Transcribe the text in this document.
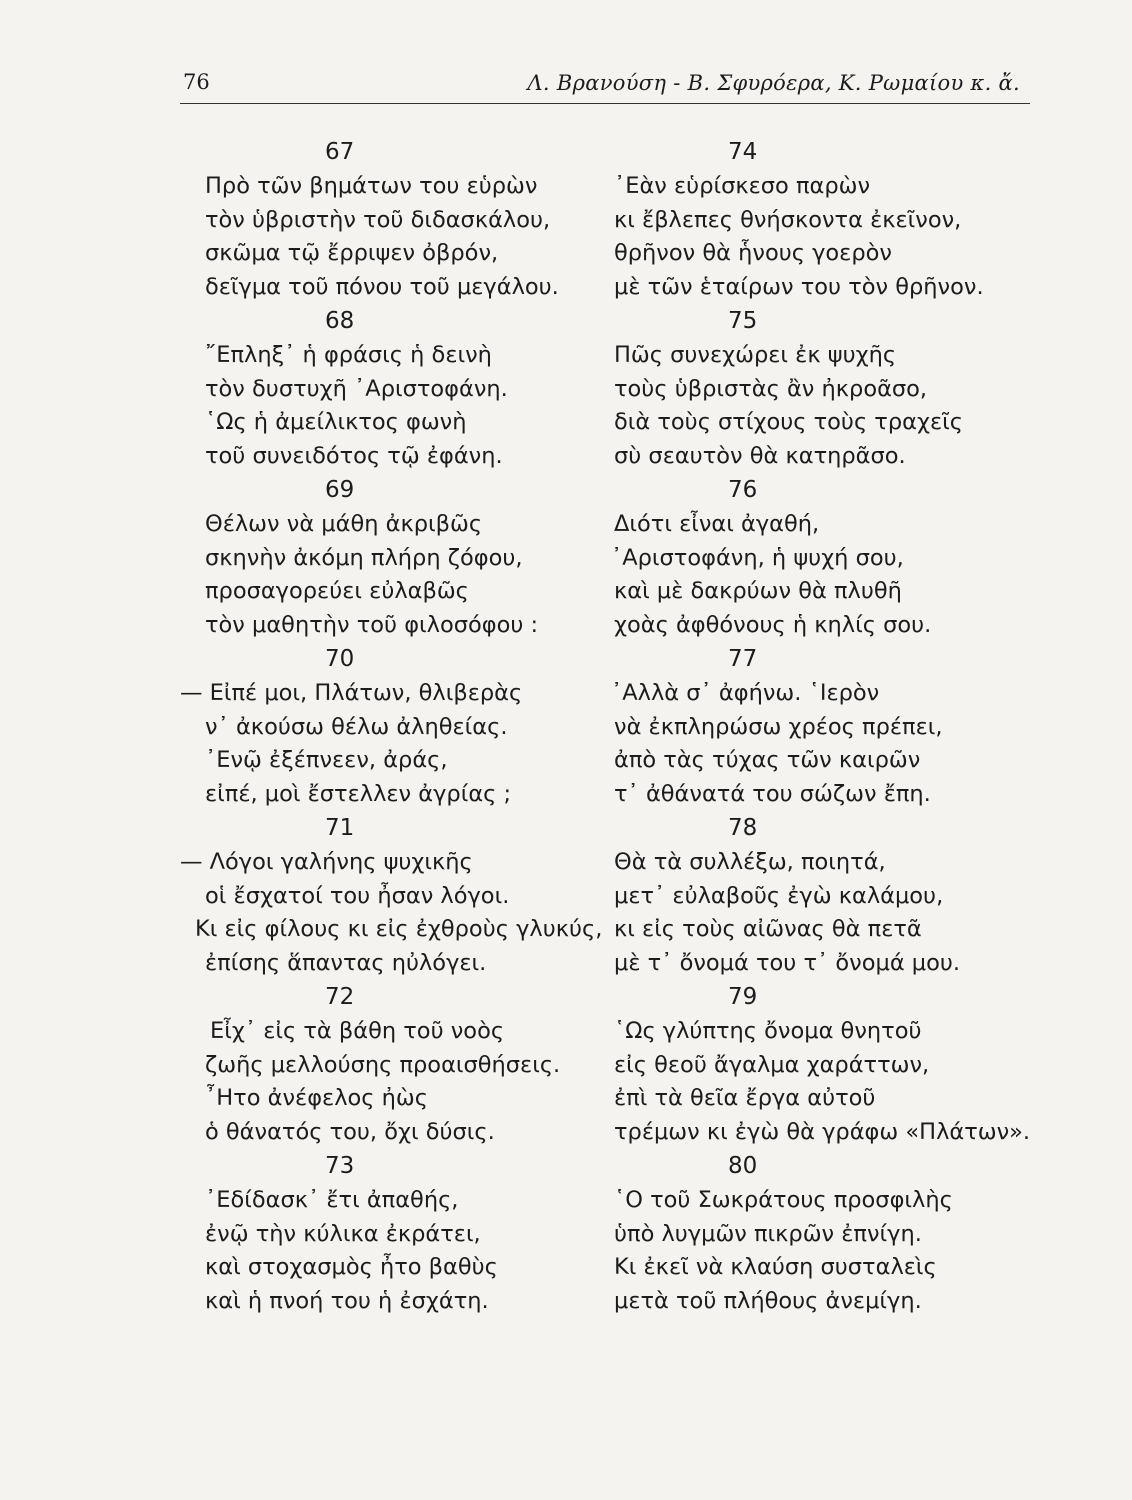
76	Λ. Βρανούση - Β. Σφυρόερα, Κ. Ρωμαίου κ. ἄ.
67
Πρὸ τῶν βημάτων του εὑρὼν
τὸν ὑβριστὴν τοῦ διδασκάλου,
σκῶμα τῷ ἔρριψεν ὀβρόν,
δεῖγμα τοῦ πόνου τοῦ μεγάλου.
68
῎Επληξ᾿ ἡ φράσις ἡ δεινὴ
τὸν δυστυχῆ ᾿Αριστοφάνη.
῾Ως ἡ ἀμείλικτος φωνὴ
τοῦ συνειδότος τῷ ἐφάνη.
69
Θέλων νὰ μάθη ἀκριβῶς
σκηνὴν ἀκόμη πλήρη ζόφου,
προσαγορεύει εὐλαβῶς
τὸν μαθητὴν τοῦ φιλοσόφου :
70
— Εἰπέ μοι, Πλάτων, θλιβερὰς
ν᾿ ἀκούσω θέλω ἀληθείας.
᾿Ενῷ ἐξέπνεεν, ἀράς,
εἰπέ, μοὶ ἔστελλεν ἀγρίας ;
71
— Λόγοι γαλήνης ψυχικῆς
οἱ ἔσχατοί του ἦσαν λόγοι.
Κι εἰς φίλους κι εἰς ἐχθροὺς γλυκύς,
ἐπίσης ἅπαντας ηὐλόγει.
72
Εἶχ᾿ εἰς τὰ βάθη τοῦ νοὸς
ζωῆς μελλούσης προαισθήσεις.
῏Ητο ἀνέφελος ἠὼς
ὁ θάνατός του, ὄχι δύσις.
73
᾿Εδίδασκ᾿ ἔτι ἀπαθής,
ἐνῷ τὴν κύλικα ἐκράτει,
καὶ στοχασμὸς ἦτο βαθὺς
καὶ ἡ πνοή του ἡ ἐσχάτη.
74
᾿Εὰν εὑρίσκεσο παρὼν
κι ἔβλεπες θνήσκοντα ἐκεῖνον,
θρῆνον θὰ ἧνους γοερὸν
μὲ τῶν ἑταίρων του τὸν θρῆνον.
75
Πῶς συνεχώρει ἐκ ψυχῆς
τοὺς ὑβριστὰς ἂν ἠκροᾶσο,
διὰ τοὺς στίχους τοὺς τραχεῖς
σὺ σεαυτὸν θὰ κατηρᾶσο.
76
Διότι εἶναι ἀγαθή,
᾿Αριστοφάνη, ἡ ψυχή σου,
καὶ μὲ δακρύων θὰ πλυθῆ
χοὰς ἀφθόνους ἡ κηλίς σου.
77
᾿Αλλὰ σ᾿ ἀφήνω. ῾Ιερὸν
νὰ ἐκπληρώσω χρέος πρέπει,
ἀπὸ τὰς τύχας τῶν καιρῶν
τ᾿ ἀθάνατά του σώζων ἔπη.
78
Θὰ τὰ συλλέξω, ποιητά,
μετ᾿ εὐλαβοῦς ἐγὼ καλάμου,
κι εἰς τοὺς αἰῶνας θὰ πετᾶ
μὲ τ᾿ ὄνομά του τ᾿ ὄνομά μου.
79
῾Ως γλύπτης ὄνομα θνητοῦ
εἰς θεοῦ ἄγαλμα χαράττων,
ἐπὶ τὰ θεῖα ἔργα αὐτοῦ
τρέμων κι ἐγὼ θὰ γράφω «Πλάτων».
80
῾Ο τοῦ Σωκράτους προσφιλὴς
ὑπὸ λυγμῶν πικρῶν ἐπνίγη.
Κι ἐκεῖ νὰ κλαύση συσταλεὶς
μετὰ τοῦ πλήθους ἀνεμίγη.
